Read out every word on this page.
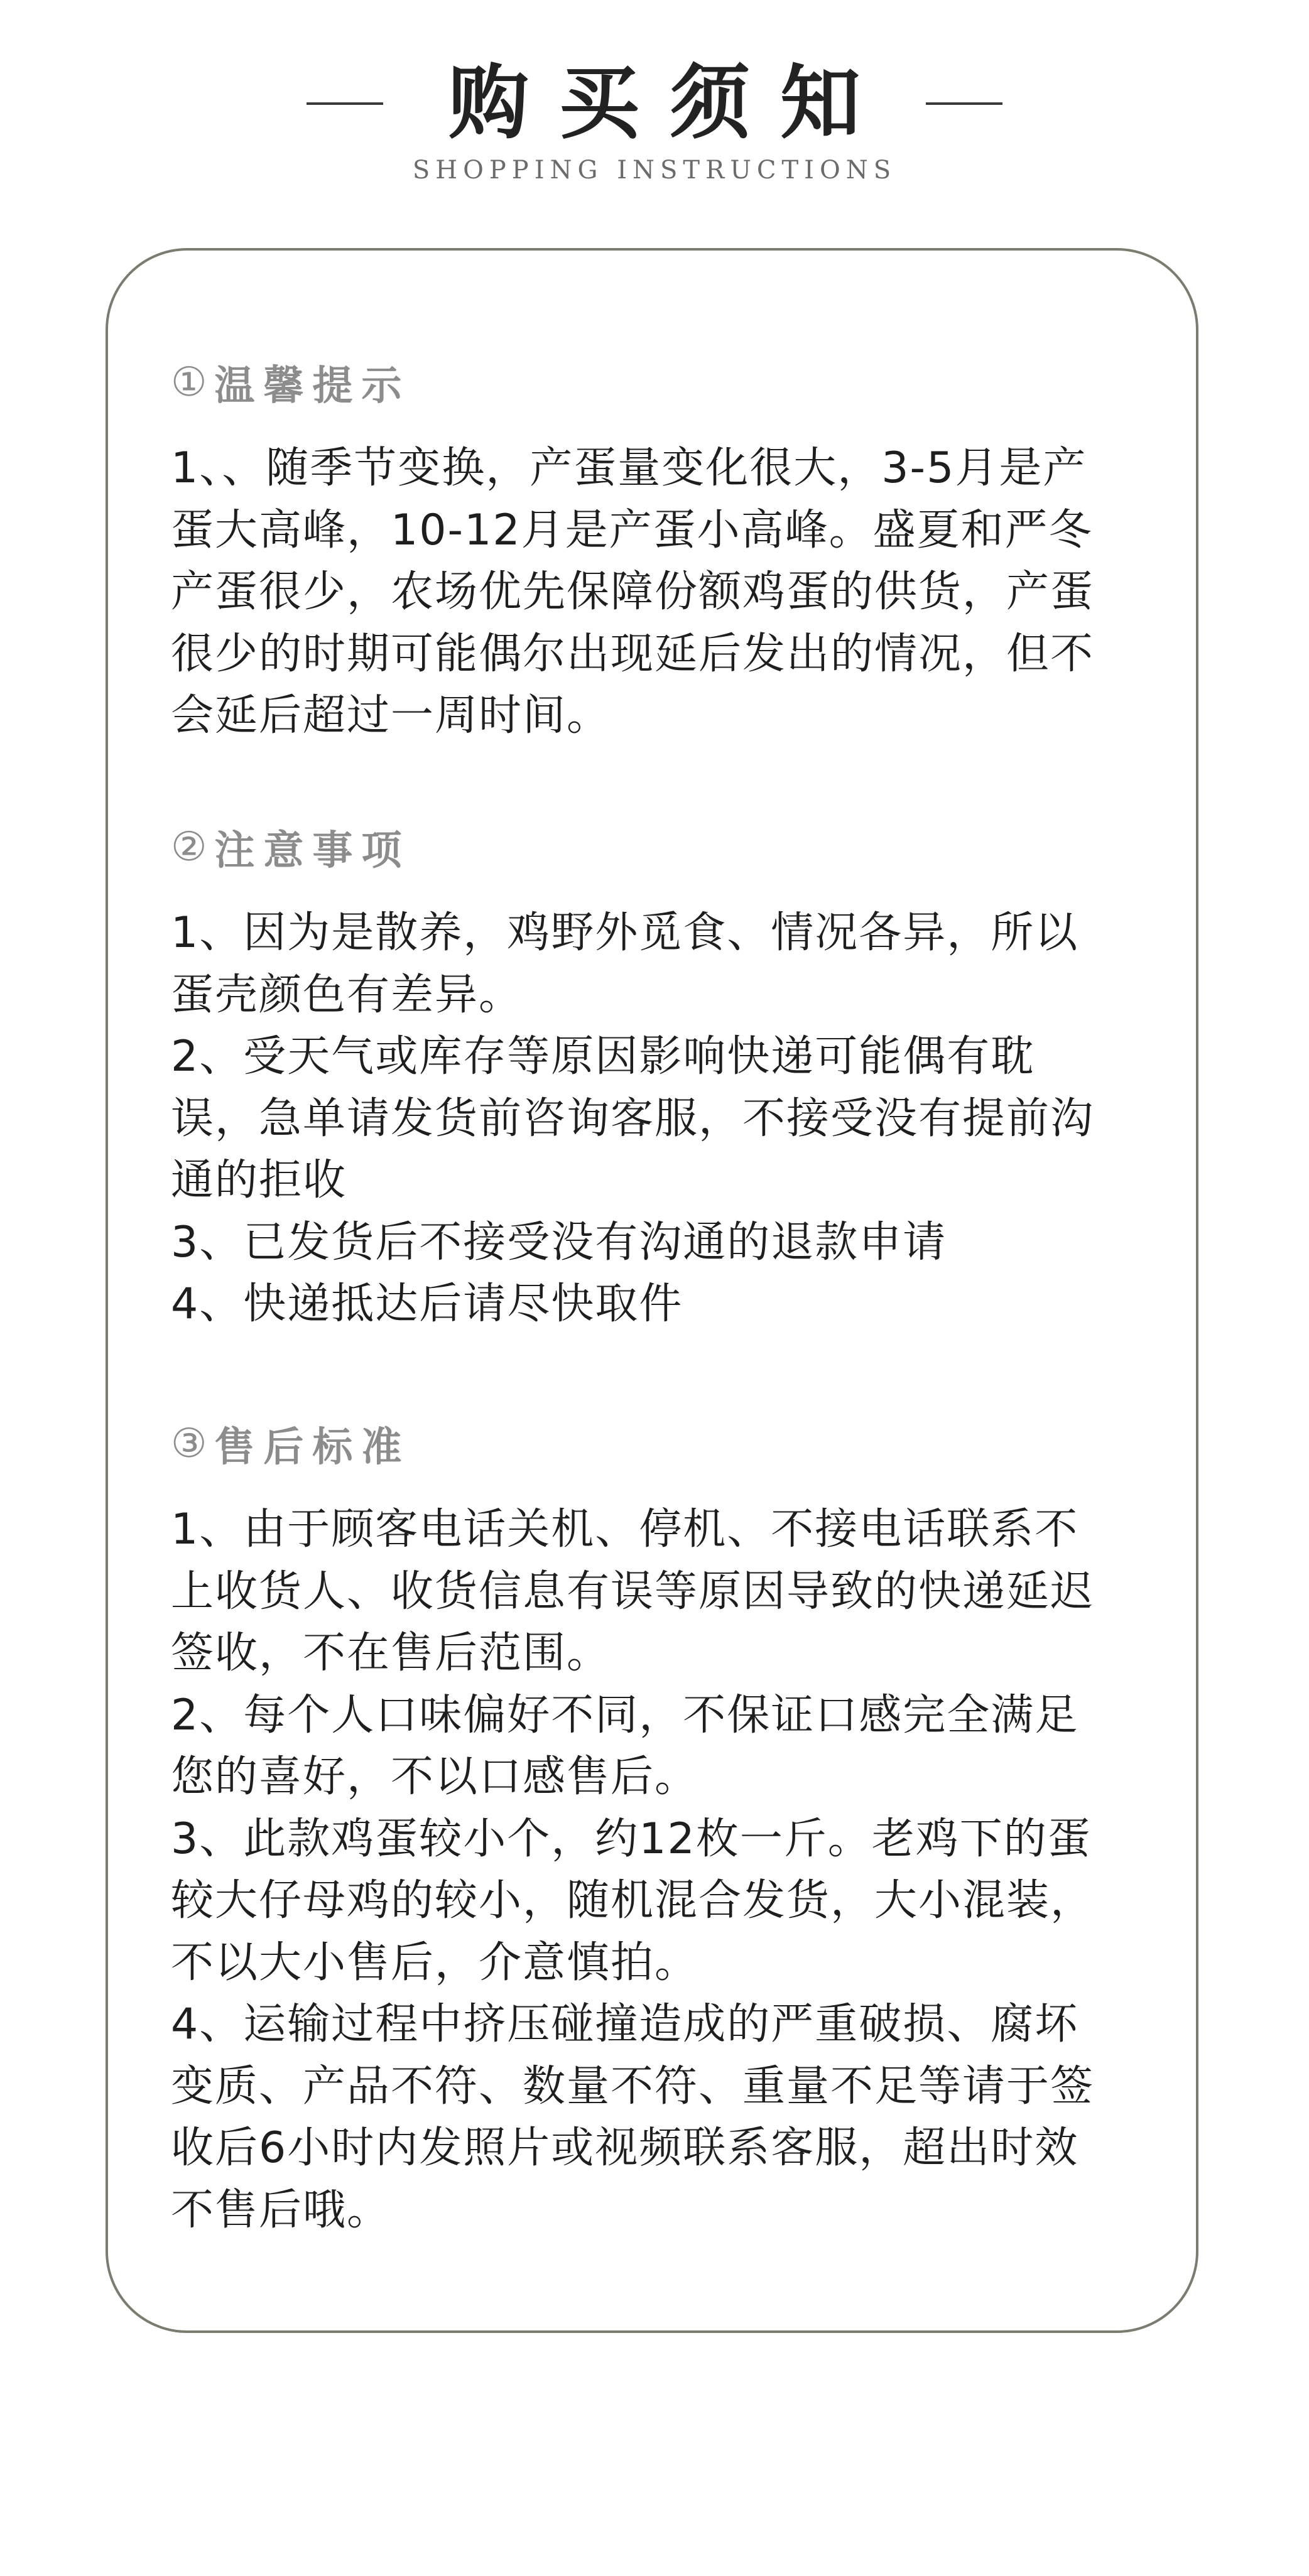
购买须知
SHOPPING INSTRUCTIONS
① 温馨提示
1、、随季节变换，产蛋量变化很大，3-5月是产
蛋大高峰，10-12月是产蛋小高峰。盛夏和严冬
产蛋很少，农场优先保障份额鸡蛋的供货，产蛋
很少的时期可能偶尔出现延后发出的情况，但不
会延后超过一周时间。
② 注意事项
1、因为是散养，鸡野外觅食、情况各异，所以
蛋壳颜色有差异。
2、受天气或库存等原因影响快递可能偶有耽
误，急单请发货前咨询客服，不接受没有提前沟
通的拒收
3、已发货后不接受没有沟通的退款申请
4、快递抵达后请尽快取件
③ 售后标准
1、由于顾客电话关机、停机、不接电话联系不
上收货人、收货信息有误等原因导致的快递延迟
签收，不在售后范围。
2、每个人口味偏好不同，不保证口感完全满足
您的喜好，不以口感售后。
3、此款鸡蛋较小个，约12枚一斤。老鸡下的蛋
较大仔母鸡的较小，随机混合发货，大小混装，
不以大小售后，介意慎拍。
4、运输过程中挤压碰撞造成的严重破损、腐坏
变质、产品不符、数量不符、重量不足等请于签
收后6小时内发照片或视频联系客服，超出时效
不售后哦。
